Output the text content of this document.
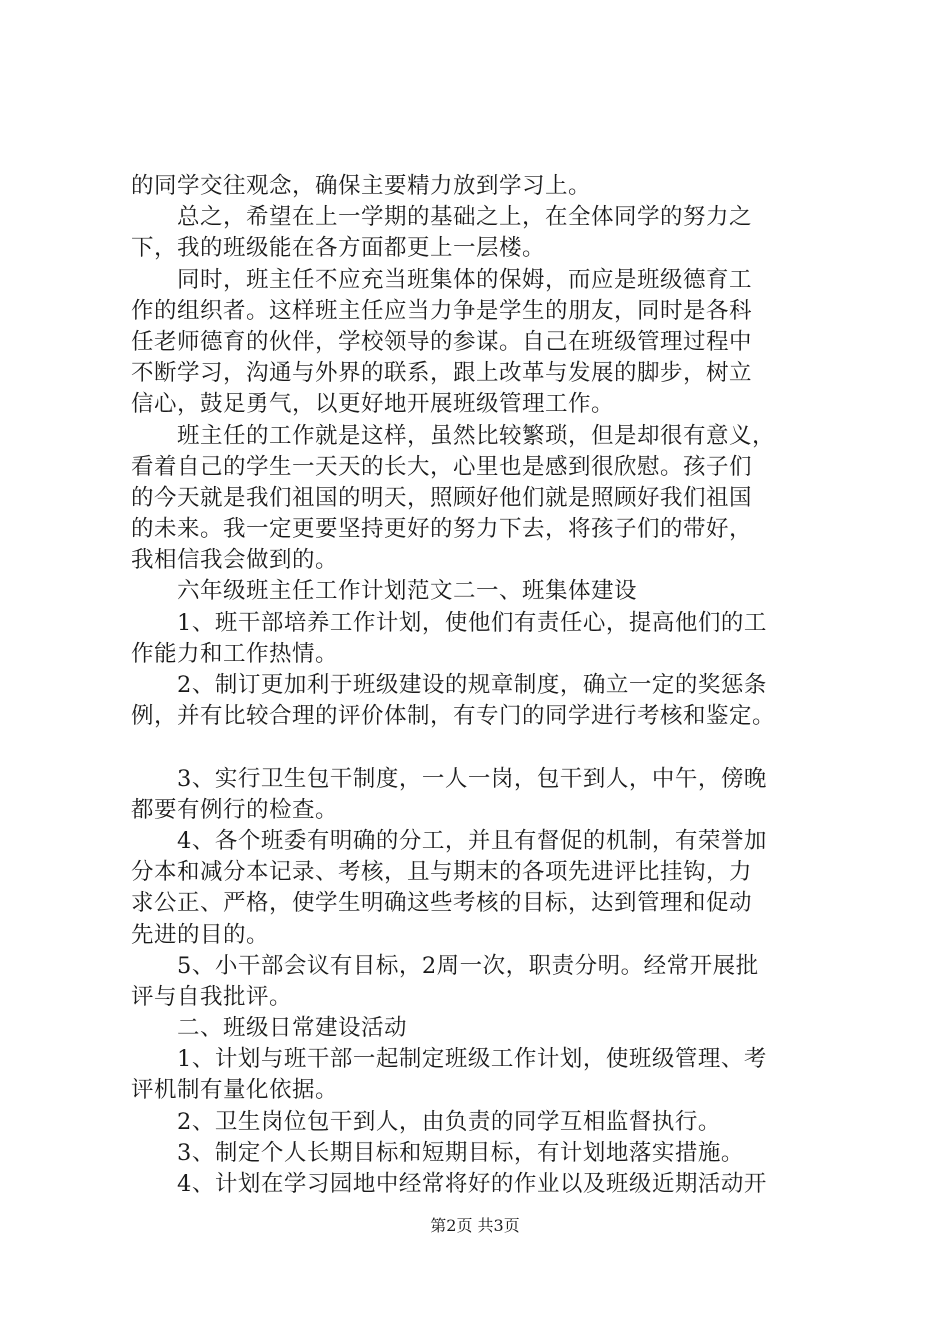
的同学交往观念，确保主要精力放到学习上。
　　总之，希望在上一学期的基础之上，在全体同学的努力之
下，我的班级能在各方面都更上一层楼。
　　同时，班主任不应充当班集体的保姆，而应是班级德育工
作的组织者。这样班主任应当力争是学生的朋友，同时是各科
任老师德育的伙伴，学校领导的参谋。自己在班级管理过程中
不断学习，沟通与外界的联系，跟上改革与发展的脚步，树立
信心，鼓足勇气，以更好地开展班级管理工作。
　　班主任的工作就是这样，虽然比较繁琐，但是却很有意义，
看着自己的学生一天天的长大，心里也是感到很欣慰。孩子们
的今天就是我们祖国的明天，照顾好他们就是照顾好我们祖国
的未来。我一定更要坚持更好的努力下去，将孩子们的带好，
我相信我会做到的。
　　六年级班主任工作计划范文二一、班集体建设
　　1、班干部培养工作计划，使他们有责任心，提高他们的工
作能力和工作热情。
　　2、制订更加利于班级建设的规章制度，确立一定的奖惩条
例，并有比较合理的评价体制，有专门的同学进行考核和鉴定。
　　3、实行卫生包干制度，一人一岗，包干到人，中午，傍晚
都要有例行的检查。
　　4、各个班委有明确的分工，并且有督促的机制，有荣誉加
分本和减分本记录、考核，且与期末的各项先进评比挂钩，力
求公正、严格，使学生明确这些考核的目标，达到管理和促动
先进的目的。
　　5、小干部会议有目标，2周一次，职责分明。经常开展批
评与自我批评。
　　二、班级日常建设活动
　　1、计划与班干部一起制定班级工作计划，使班级管理、考
评机制有量化依据。
　　2、卫生岗位包干到人，由负责的同学互相监督执行。
　　3、制定个人长期目标和短期目标，有计划地落实措施。
　　4、计划在学习园地中经常将好的作业以及班级近期活动开
第2页 共3页
